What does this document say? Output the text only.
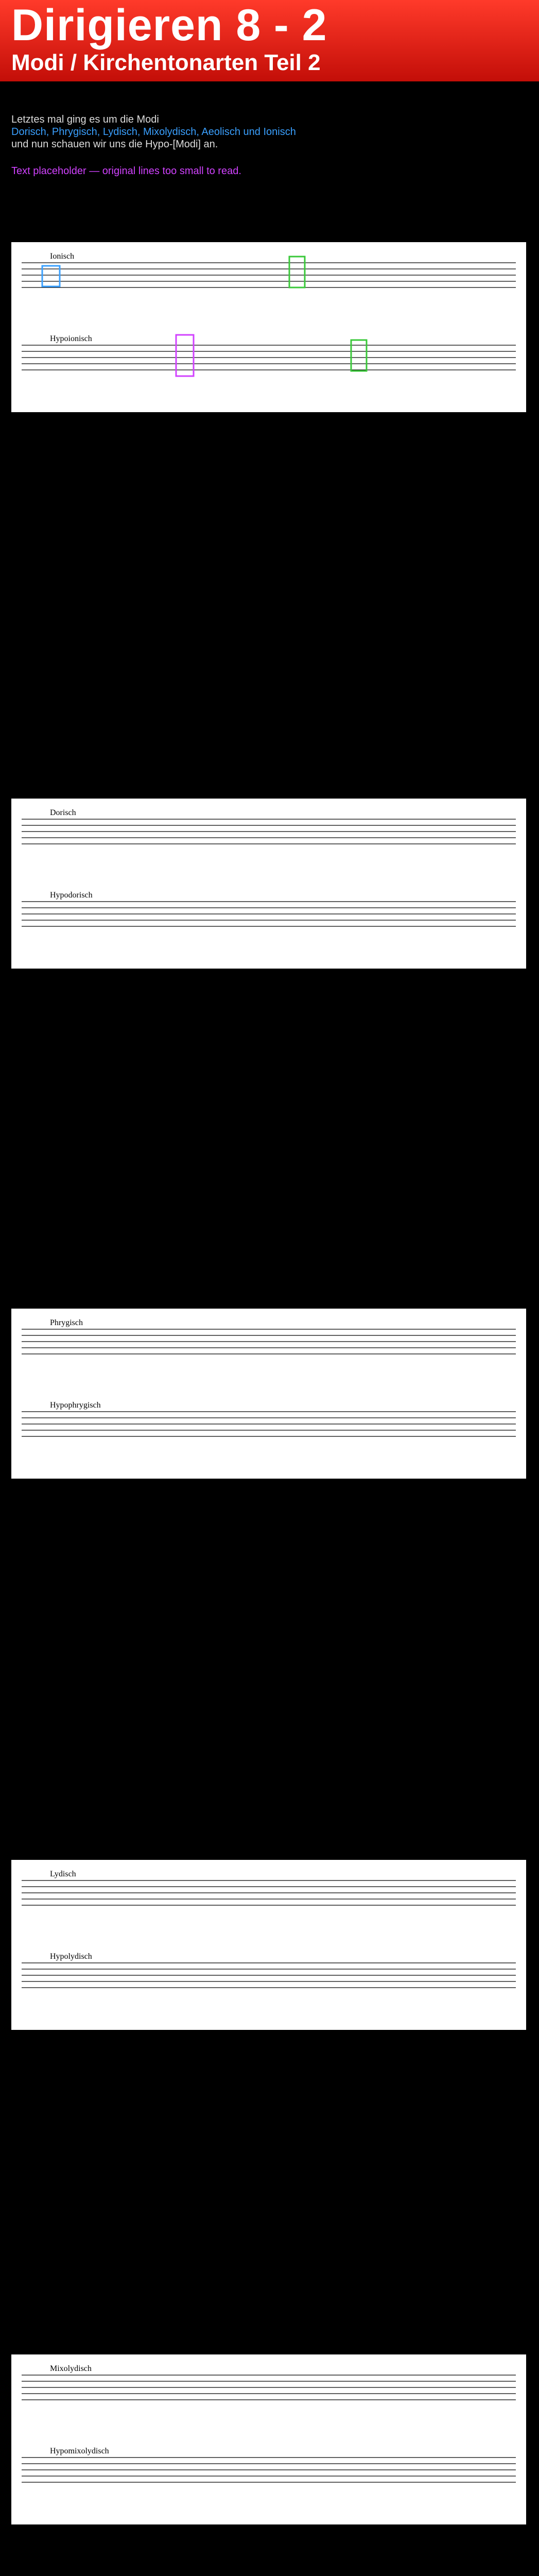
Dirigieren 8 - 2
Modi / Kirchentonarten Teil 2

Letztes mal ging es um die Modi
Dorisch, Phrygisch, Lydisch, Mixolydisch, Aeolisch und Ionisch
und nun schauen wir uns die Hypo-[Modi] an.

Text placeholder — original lines too small to read.

Ionisch
Hypoionisch
Dorisch
Hypodorisch
Phrygisch
Hypophrygisch
Lydisch
Hypolydisch
Mixolydisch
Hypomixolydisch
